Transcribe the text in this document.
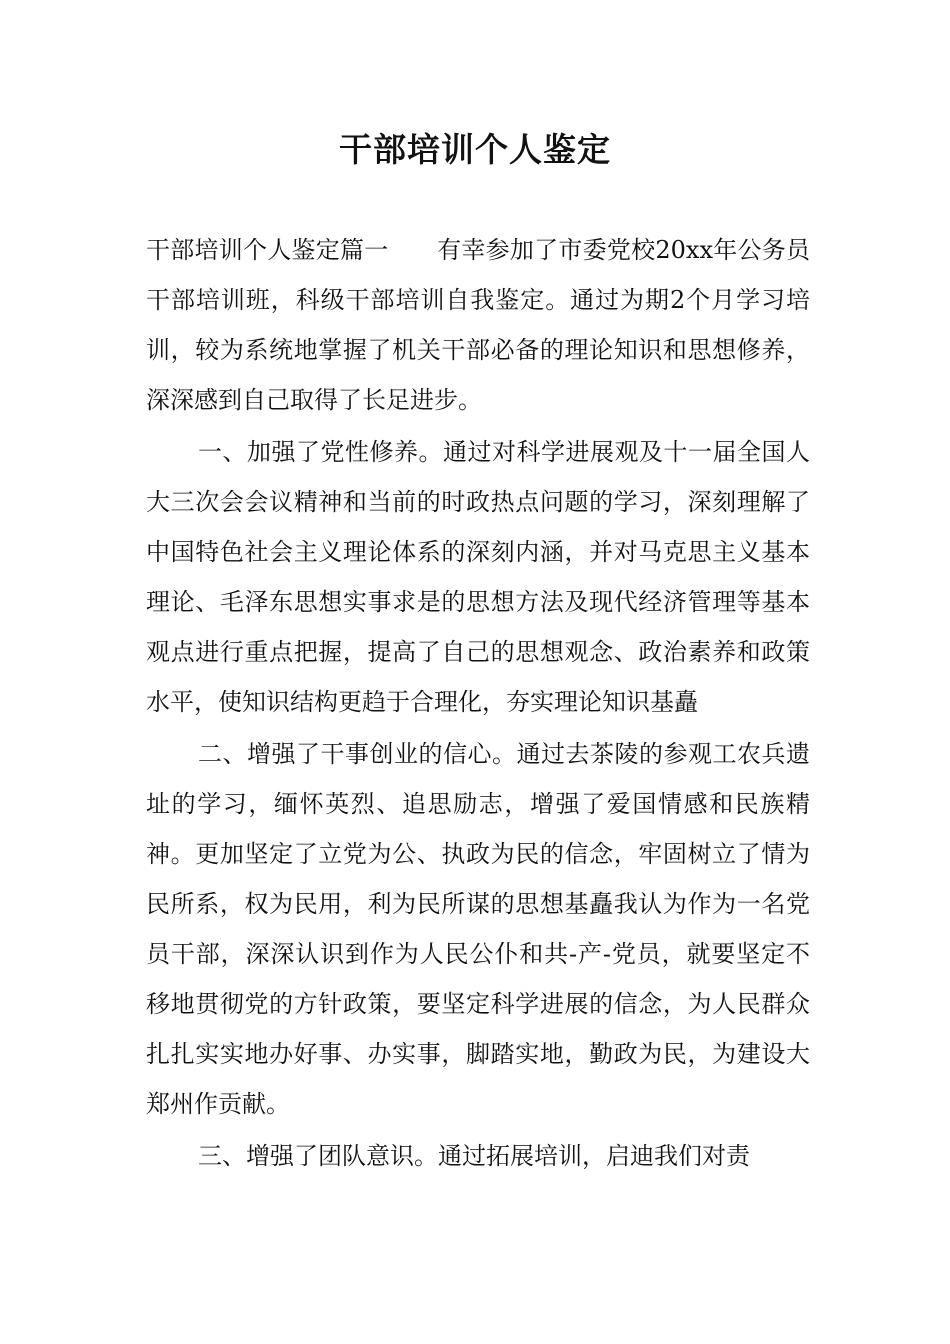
干部培训个人鉴定

干部培训个人鉴定篇一　　有幸参加了市委党校20xx年公务员干部培训班，科级干部培训自我鉴定。通过为期2个月学习培训，较为系统地掌握了机关干部必备的理论知识和思想修养，深深感到自己取得了长足进步。

一、加强了党性修养。通过对科学进展观及十一届全国人大三次会会议精神和当前的时政热点问题的学习，深刻理解了中国特色社会主义理论体系的深刻内涵，并对马克思主义基本理论、毛泽东思想实事求是的思想方法及现代经济管理等基本观点进行重点把握，提高了自己的思想观念、政治素养和政策水平，使知识结构更趋于合理化，夯实理论知识基矗

二、增强了干事创业的信心。通过去茶陵的参观工农兵遗址的学习，缅怀英烈、追思励志，增强了爱国情感和民族精神。更加坚定了立党为公、执政为民的信念，牢固树立了情为民所系，权为民用，利为民所谋的思想基矗我认为作为一名党员干部，深深认识到作为人民公仆和共-产-党员，就要坚定不移地贯彻党的方针政策，要坚定科学进展的信念，为人民群众扎扎实实地办好事、办实事，脚踏实地，勤政为民，为建设大郑州作贡献。

三、增强了团队意识。通过拓展培训，启迪我们对责
